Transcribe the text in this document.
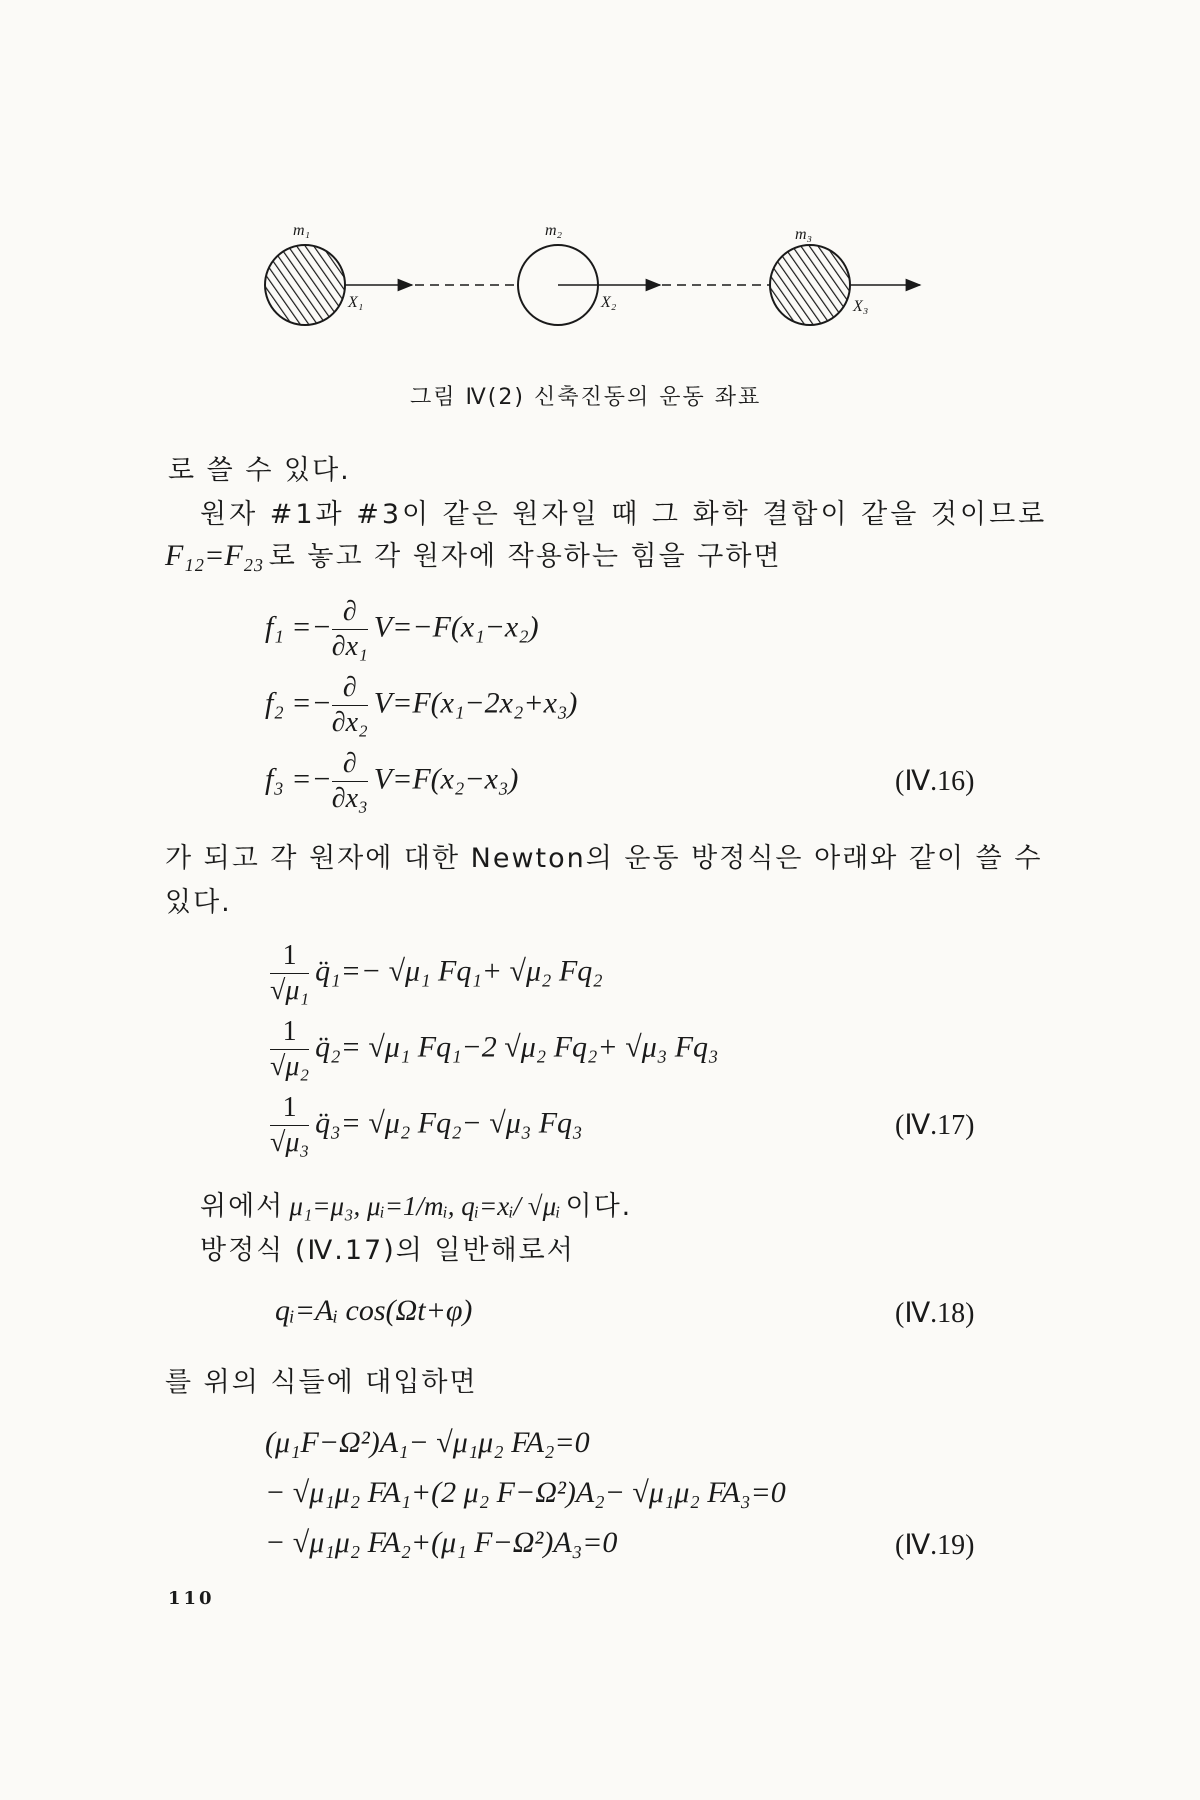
m₁	m₂	m₃
X₁	X₂	X₃
그림 Ⅳ(2) 신축진동의 운동 좌표
로 쓸 수 있다.
원자 #1과 #3이 같은 원자일 때 그 화학 결합이 같을 것이므로
F₁₂=F₂₃ 로 놓고 각 원자에 작용하는 힘을 구하면
$f_1 =- \frac{\partial}{\text{∂x₁}} V=-F(x_1-x_2)$
$f_2 =- \frac{\partial}{\text{∂x₂}} V=F(x_1-2x_2+x_3)$
$f_3 =- \frac{\partial}{\text{∂x₃}} V=F(x_2-x_3)$	(Ⅳ.16)
가 되고 각 원자에 대한 Newton의 운동 방정식은 아래와 같이 쓸 수
있다.
$\frac{1}{\text{√μ₁}}$ q̈₁=− √μ₁ Fq₁+ √μ₂ Fq₂
$\frac{1}{\text{√μ₂}}$ q̈₂= √μ₁ Fq₁−2 √μ₂ Fq₂+ √μ₃ Fq₃
$\frac{1}{\text{√μ₃}}$ q̈₃= √μ₂ Fq₂− √μ₃ Fq₃	(Ⅳ.17)
위에서 μ₁=μ₃, μᵢ=1/mᵢ, qᵢ=xᵢ/ √μᵢ 이다.
방정식 (Ⅳ.17)의 일반해로서
qᵢ=Aᵢ cos(Ωt+φ)	(Ⅳ.18)
를 위의 식들에 대입하면
(μ₁F−Ω²)A₁− √μ₁μ₂ FA₂=0
− √μ₁μ₂ FA₁+(2 μ₂ F−Ω²)A₂− √μ₁μ₂ FA₃=0
− √μ₁μ₂ FA₂+(μ₁ F−Ω²)A₃=0	(Ⅳ.19)
110
